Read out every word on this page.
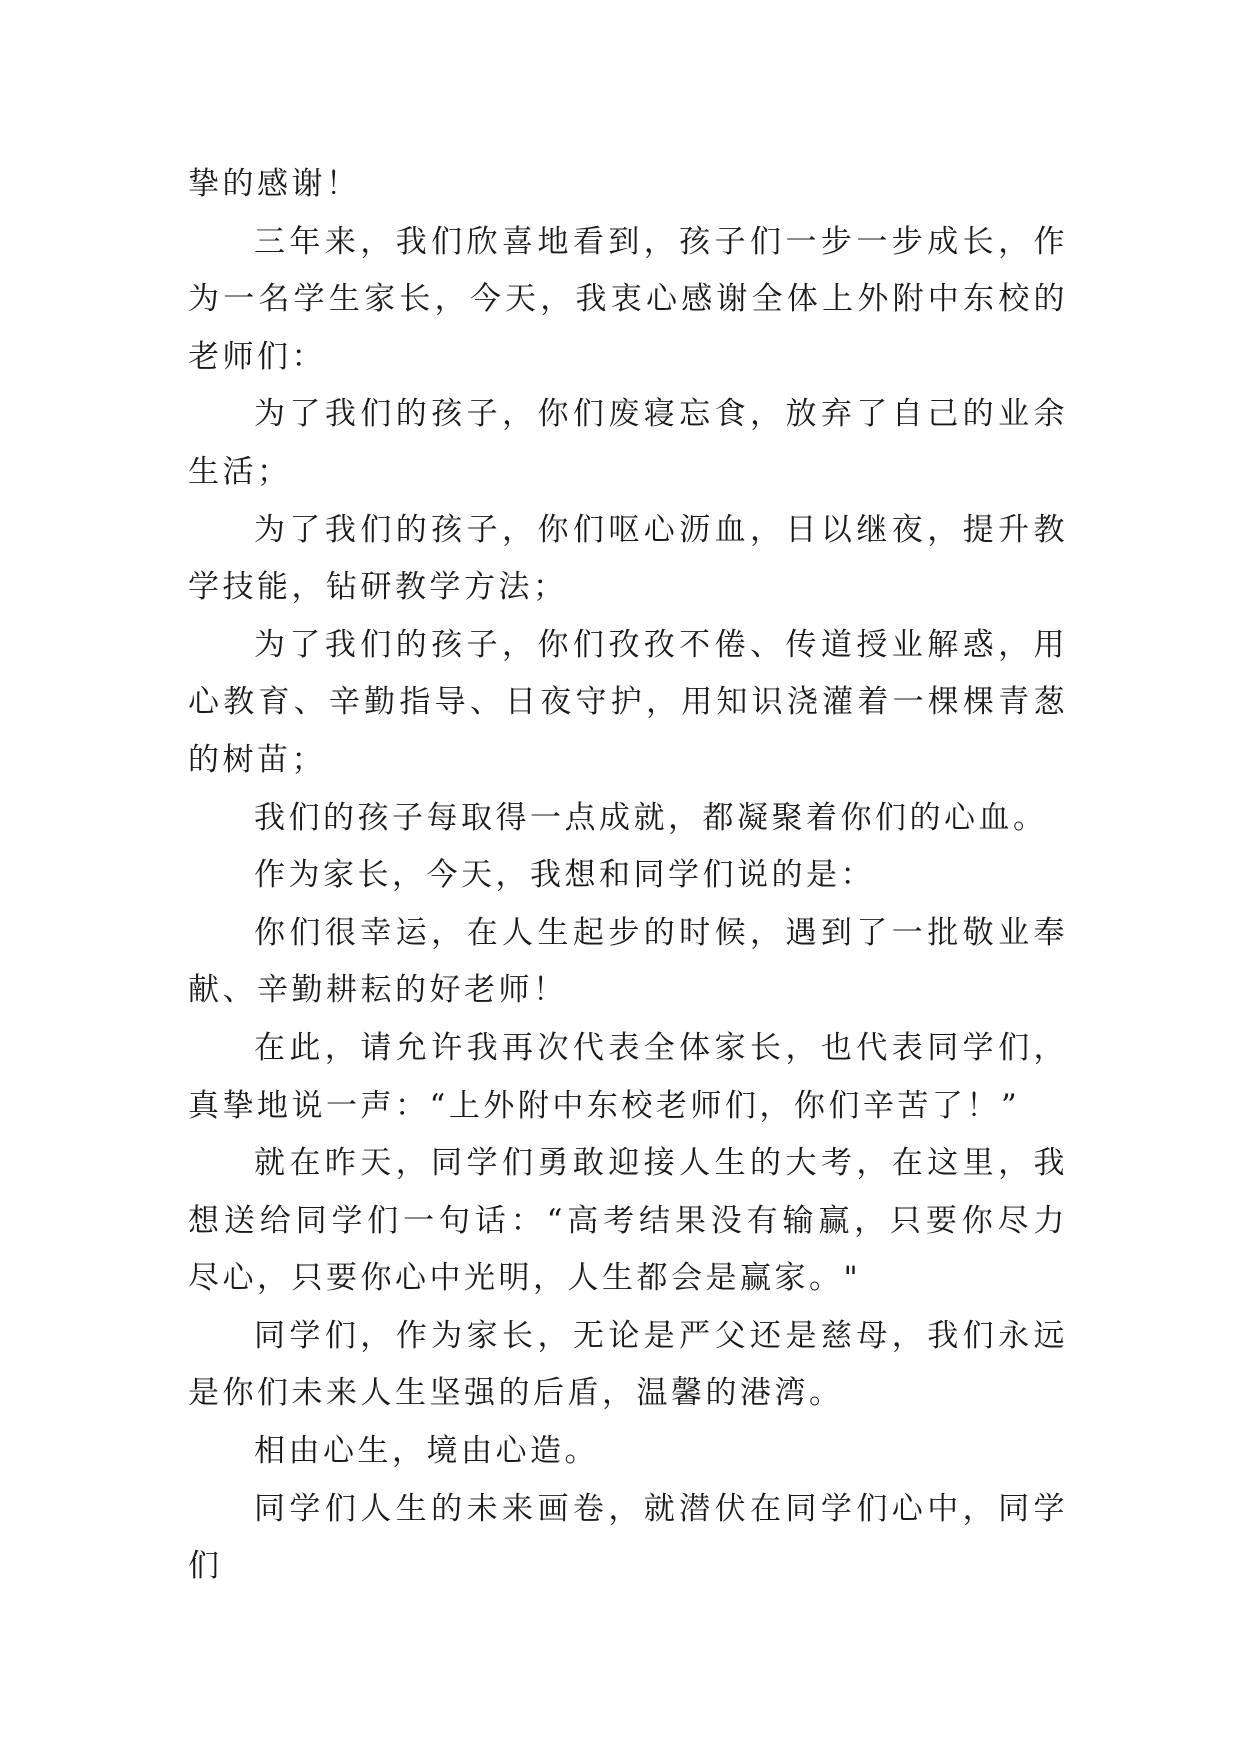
挚的感谢！

三年来，我们欣喜地看到，孩子们一步一步成长，作为一名学生家长，今天，我衷心感谢全体上外附中东校的老师们：

为了我们的孩子，你们废寝忘食，放弃了自己的业余生活；

为了我们的孩子，你们呕心沥血，日以继夜，提升教学技能，钻研教学方法；

为了我们的孩子，你们孜孜不倦、传道授业解惑，用心教育、辛勤指导、日夜守护，用知识浇灌着一棵棵青葱的树苗；

我们的孩子每取得一点成就，都凝聚着你们的心血。

作为家长，今天，我想和同学们说的是：

你们很幸运，在人生起步的时候，遇到了一批敬业奉献、辛勤耕耘的好老师！

在此，请允许我再次代表全体家长，也代表同学们，真挚地说一声：“上外附中东校老师们，你们辛苦了！”

就在昨天，同学们勇敢迎接人生的大考，在这里，我想送给同学们一句话：“高考结果没有输赢，只要你尽力尽心，只要你心中光明，人生都会是赢家。"

同学们，作为家长，无论是严父还是慈母，我们永远是你们未来人生坚强的后盾，温馨的港湾。

相由心生，境由心造。

同学们人生的未来画卷，就潜伏在同学们心中，同学们
